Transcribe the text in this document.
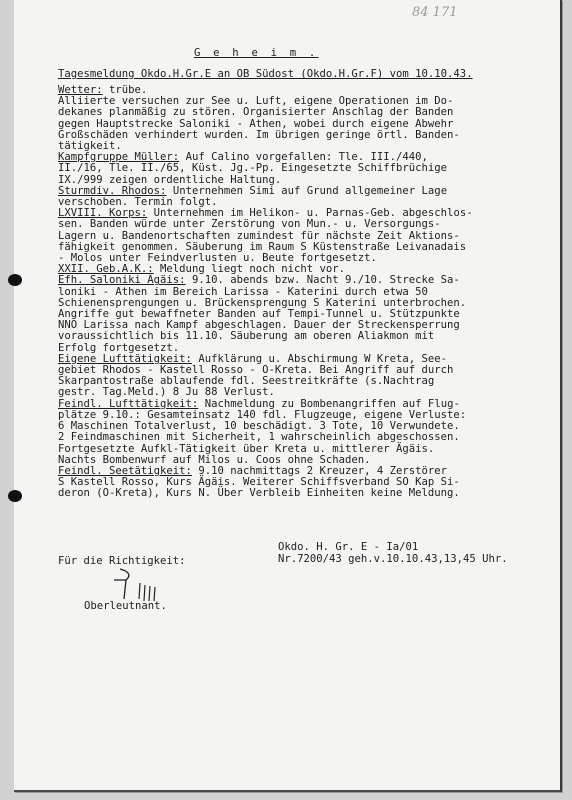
84 171
G e h e i m .
Tagesmeldung Okdo.H.Gr.E an OB Südost (Okdo.H.Gr.F) vom 10.10.43.
Wetter: trübe.
Alliierte versuchen zur See u. Luft, eigene Operationen im Do-
dekanes planmäßig zu stören. Organisierter Anschlag der Banden
gegen Hauptstrecke Saloniki - Athen, wobei durch eigene Abwehr
Großschäden verhindert wurden. Im übrigen geringe örtl. Banden-
tätigkeit.
Kampfgruppe Müller: Auf Calino vorgefallen: Tle. III./440,
II./16, Tle. II./65, Küst. Jg.-Pp. Eingesetzte Schiffbrüchige
IX./999 zeigen ordentliche Haltung.
Sturmdiv. Rhodos: Unternehmen Simi auf Grund allgemeiner Lage
verschoben. Termin folgt.
LXVIII. Korps: Unternehmen im Helikon- u. Parnas-Geb. abgeschlos-
sen. Banden würde unter Zerstörung von Mun.- u. Versorgungs-
Lagern u. Bandenortschaften zumindest für nächste Zeit Aktions-
fähigkeit genommen. Säuberung im Raum S Küstenstraße Leivanadais
- Molos unter Feindverlusten u. Beute fortgesetzt.
XXII. Geb.A.K.: Meldung liegt noch nicht vor.
Efh. Saloniki Ägäis: 9.10. abends bzw. Nacht 9./10. Strecke Sa-
loniki - Athen im Bereich Larissa - Katerini durch etwa 50
Schienensprengungen u. Brückensprengung S Katerini unterbrochen.
Angriffe gut bewaffneter Banden auf Tempi-Tunnel u. Stützpunkte
NNO Larissa nach Kampf abgeschlagen. Dauer der Streckensperrung
voraussichtlich bis 11.10. Säuberung am oberen Aliakmon mit
Erfolg fortgesetzt.
Eigene Lufttätigkeit: Aufklärung u. Abschirmung W Kreta, See-
gebiet Rhodos - Kastell Rosso - O-Kreta. Bei Angriff auf durch
Skarpantostraße ablaufende fdl. Seestreitkräfte (s.Nachtrag
gestr. Tag.Meld.) 8 Ju 88 Verlust.
Feindl. Lufttätigkeit: Nachmeldung zu Bombenangriffen auf Flug-
plätze 9.10.: Gesamteinsatz 140 fdl. Flugzeuge, eigene Verluste:
6 Maschinen Totalverlust, 10 beschädigt. 3 Tote, 10 Verwundete.
2 Feindmaschinen mit Sicherheit, 1 wahrscheinlich abgeschossen.
Fortgesetzte Aufkl-Tätigkeit über Kreta u. mittlerer Ägäis.
Nachts Bombenwurf auf Milos u. Coos ohne Schaden.
Feindl. Seetätigkeit: 9.10 nachmittags 2 Kreuzer, 4 Zerstörer
S Kastell Rosso, Kurs Ägäis. Weiterer Schiffsverband SO Kap Si-
deron (O-Kreta), Kurs N. Über Verbleib Einheiten keine Meldung.
Okdo. H. Gr. E - Ia/01
Nr.7200/43 geh.v.10.10.43,13,45 Uhr.
Für die Richtigkeit:
Oberleutnant.
